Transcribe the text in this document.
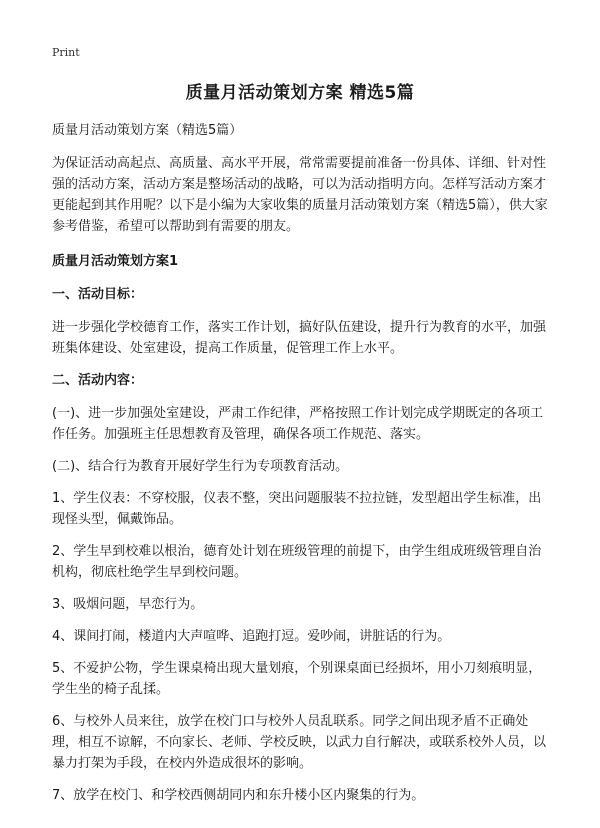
Print
质量月活动策划方案 精选5篇

质量月活动策划方案（精选5篇）

为保证活动高起点、高质量、高水平开展，常常需要提前准备一份具体、详细、针对性强的活动方案，活动方案是整场活动的战略，可以为活动指明方向。怎样写活动方案才更能起到其作用呢？以下是小编为大家收集的质量月活动策划方案（精选5篇），供大家参考借鉴，希望可以帮助到有需要的朋友。

质量月活动策划方案1
一、活动目标：

进一步强化学校德育工作，落实工作计划，搞好队伍建设，提升行为教育的水平，加强班集体建设、处室建设，提高工作质量，促管理工作上水平。

二、活动内容：

(一)、进一步加强处室建设，严肃工作纪律，严格按照工作计划完成学期既定的各项工作任务。加强班主任思想教育及管理，确保各项工作规范、落实。

(二)、结合行为教育开展好学生行为专项教育活动。

1、学生仪表：不穿校服，仪表不整，突出问题服装不拉拉链，发型超出学生标准，出现怪头型，佩戴饰品。

2、学生早到校难以根治，德育处计划在班级管理的前提下，由学生组成班级管理自治机构，彻底杜绝学生早到校问题。

3、吸烟问题，早恋行为。

4、课间打闹，楼道内大声喧哗、追跑打逗。爱吵闹，讲脏话的行为。

5、不爱护公物，学生课桌椅出现大量划痕，个别课桌面已经损坏，用小刀刻痕明显，学生坐的椅子乱揉。

6、与校外人员来往，放学在校门口与校外人员乱联系。同学之间出现矛盾不正确处理，相互不谅解，不向家长、老师、学校反映，以武力自行解决，或联系校外人员，以暴力打架为手段，在校内外造成很坏的影响。

7、放学在校门、和学校西侧胡同内和东升楼小区内聚集的行为。
